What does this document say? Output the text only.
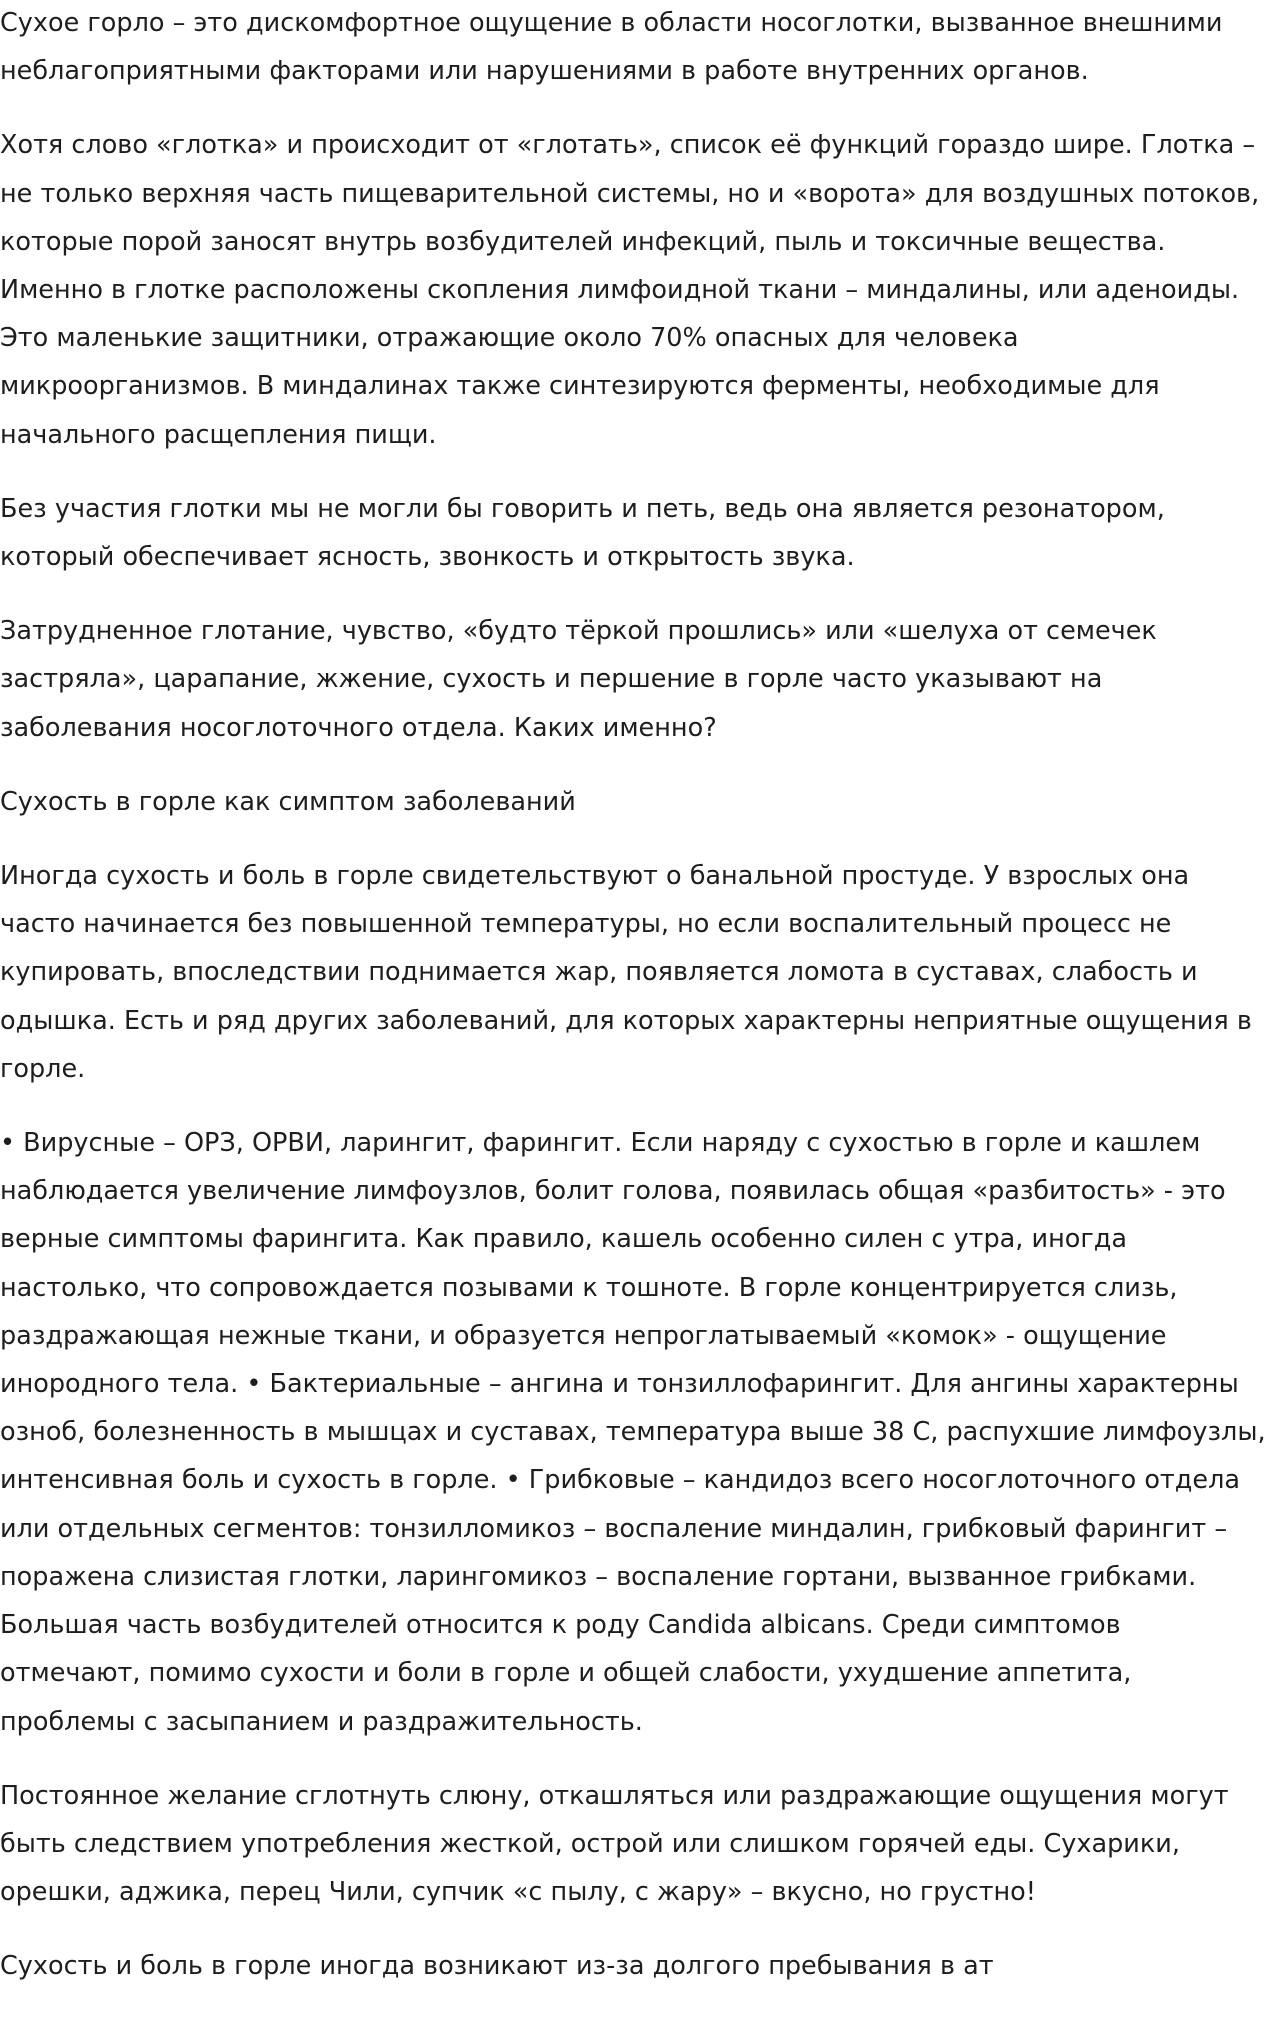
Сухое горло – это дискомфортное ощущение в области носоглотки, вызванное внешними неблагоприятными факторами или нарушениями в работе внутренних органов.

Хотя слово «глотка» и происходит от «глотать», список её функций гораздо шире. Глотка – не только верхняя часть пищеварительной системы, но и «ворота» для воздушных потоков, которые порой заносят внутрь возбудителей инфекций, пыль и токсичные вещества. Именно в глотке расположены скопления лимфоидной ткани – миндалины, или аденоиды. Это маленькие защитники, отражающие около 70% опасных для человека микроорганизмов. В миндалинах также синтезируются ферменты, необходимые для начального расщепления пищи.

Без участия глотки мы не могли бы говорить и петь, ведь она является резонатором, который обеспечивает ясность, звонкость и открытость звука.

Затрудненное глотание, чувство, «будто тёркой прошлись» или «шелуха от семечек застряла», царапание, жжение, сухость и першение в горле часто указывают на заболевания носоглоточного отдела. Каких именно?

Сухость в горле как симптом заболеваний

Иногда сухость и боль в горле свидетельствуют о банальной простуде. У взрослых она часто начинается без повышенной температуры, но если воспалительный процесс не купировать, впоследствии поднимается жар, появляется ломота в суставах, слабость и одышка. Есть и ряд других заболеваний, для которых характерны неприятные ощущения в горле.

• Вирусные – ОРЗ, ОРВИ, ларингит, фарингит. Если наряду с сухостью в горле и кашлем наблюдается увеличение лимфоузлов, болит голова, появилась общая «разбитость» - это верные симптомы фарингита. Как правило, кашель особенно силен с утра, иногда настолько, что сопровождается позывами к тошноте. В горле концентрируется слизь, раздражающая нежные ткани, и образуется непроглатываемый «комок» - ощущение инородного тела. • Бактериальные – ангина и тонзиллофарингит. Для ангины характерны озноб, болезненность в мышцах и суставах, температура выше 38 С, распухшие лимфоузлы, интенсивная боль и сухость в горле. • Грибковые – кандидоз всего носоглоточного отдела или отдельных сегментов: тонзилломикоз – воспаление миндалин, грибковый фарингит – поражена слизистая глотки, ларингомикоз – воспаление гортани, вызванное грибками. Большая часть возбудителей относится к роду Candida albicans. Среди симптомов отмечают, помимо сухости и боли в горле и общей слабости, ухудшение аппетита, проблемы с засыпанием и раздражительность.

Постоянное желание сглотнуть слюну, откашляться или раздражающие ощущения могут быть следствием употребления жесткой, острой или слишком горячей еды. Сухарики, орешки, аджика, перец Чили, супчик «с пылу, с жару» – вкусно, но грустно!

Сухость и боль в горле иногда возникают из-за долгого пребывания в ат
